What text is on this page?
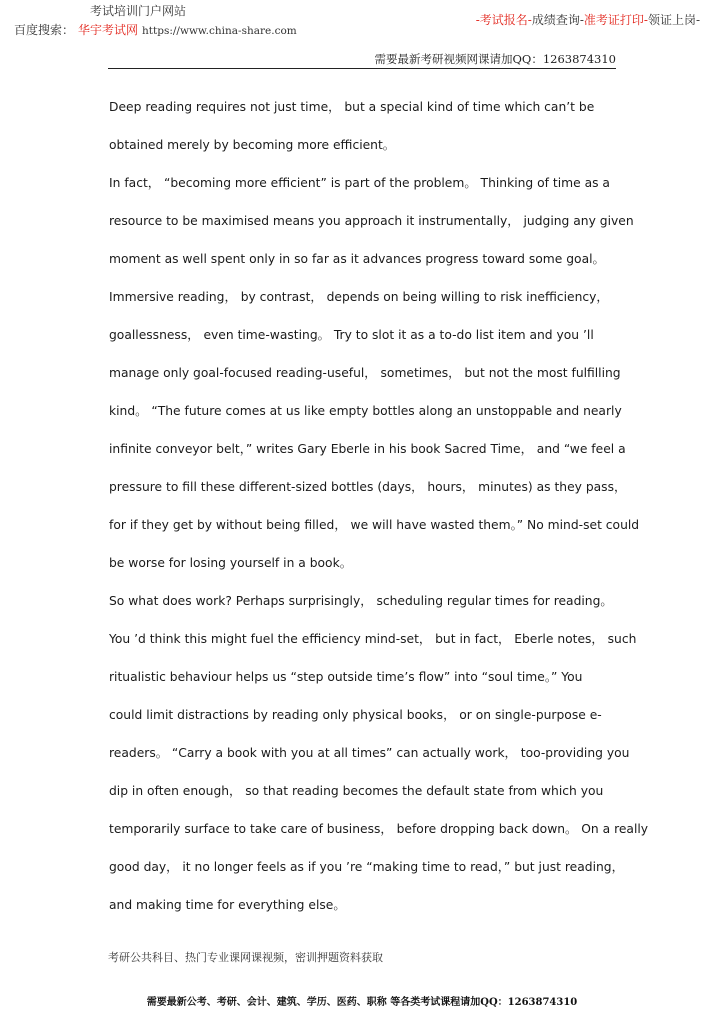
考试培训门户网站
百度搜索： 华宇考试网 https://www.china-share.com
-考试报名-成绩查询-准考证打印-领证上岗-
需要最新考研视频网课请加QQ：1263874310
Deep reading requires not just time， but a special kind of time which can’t be
obtained merely by becoming more efficient。
In fact， “becoming more efficient” is part of the problem。 Thinking of time as a
resource to be maximised means you approach it instrumentally， judging any given
moment as well spent only in so far as it advances progress toward some goal。
Immersive reading， by contrast， depends on being willing to risk inefficiency，
goallessness， even time-wasting。 Try to slot it as a to-do list item and you ’ll
manage only goal-focused reading-useful， sometimes， but not the most fulfilling
kind。 “The future comes at us like empty bottles along an unstoppable and nearly
infinite conveyor belt，” writes Gary Eberle in his book Sacred Time， and “we feel a
pressure to fill these different-sized bottles (days， hours， minutes) as they pass，
for if they get by without being filled， we will have wasted them。” No mind-set could
be worse for losing yourself in a book。
So what does work? Perhaps surprisingly， scheduling regular times for reading。
You ’d think this might fuel the efficiency mind-set， but in fact， Eberle notes， such
ritualistic behaviour helps us “step outside time’s flow” into “soul time。” You
could limit distractions by reading only physical books， or on single-purpose e-
readers。 “Carry a book with you at all times” can actually work， too-providing you
dip in often enough， so that reading becomes the default state from which you
temporarily surface to take care of business， before dropping back down。 On a really
good day， it no longer feels as if you ’re “making time to read，” but just reading，
and making time for everything else。
考研公共科目、热门专业课网课视频，密训押题资料获取
需要最新公考、考研、会计、建筑、学历、医药、职称 等各类考试课程请加QQ：1263874310
